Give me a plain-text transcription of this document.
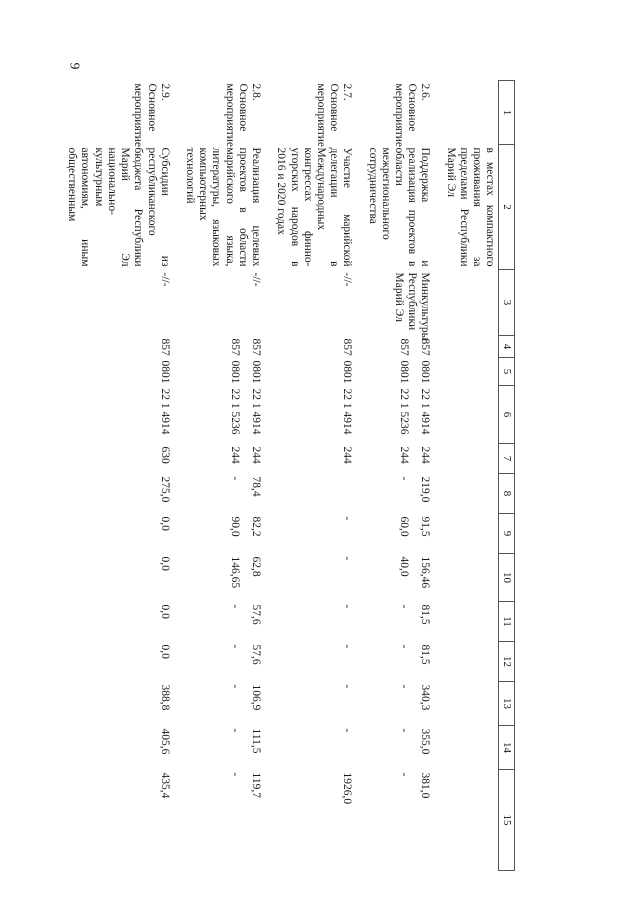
9
1	2	3	4	5	6	7	8	9	10	11	12	13	14	15
	в местах компактного проживания за пределами Республики Марий Эл													
2.6. Основное мероприятие	Поддержка и реализация проектов в области межрегионального сотрудничества	Минкультуры Республики Марий Эл	857	0801	22 1 4914	244	219,0	91,5	156,46	81,5	81,5	340,3	355,0	381,0
			857	0801	22 1 5236	244	-	60,0	40,0	-	-	-	-	-
2.7. Основное мероприятие	Участие марийской делегации в Международных конгрессах финно-угорских народов в 2016 и 2020 годах	-//-	857	0801	22 1 4914	244		-	-	-	-	-	-	1926,0
2.8. Основное мероприятие	Реализация целевых проектов в области марийского языка, литературы, языковых компьютерных технологий	-//-	857	0801	22 1 4914	244	78,4	82,2	62,8	57,6	57,6	106,9	111,5	119,7
			857	0801	22 1 5236	244	-	90,0	146,65	-	-	-	-	-
2.9. Основное мероприятие	Субсидии из республиканского бюджета Республики Марий Эл национально-культурным автономиям, иным общественным	-//-	857	0801	22 1 4914	630	275,0	0,0	0,0	0,0	0,0	388,8	405,6	435,4
